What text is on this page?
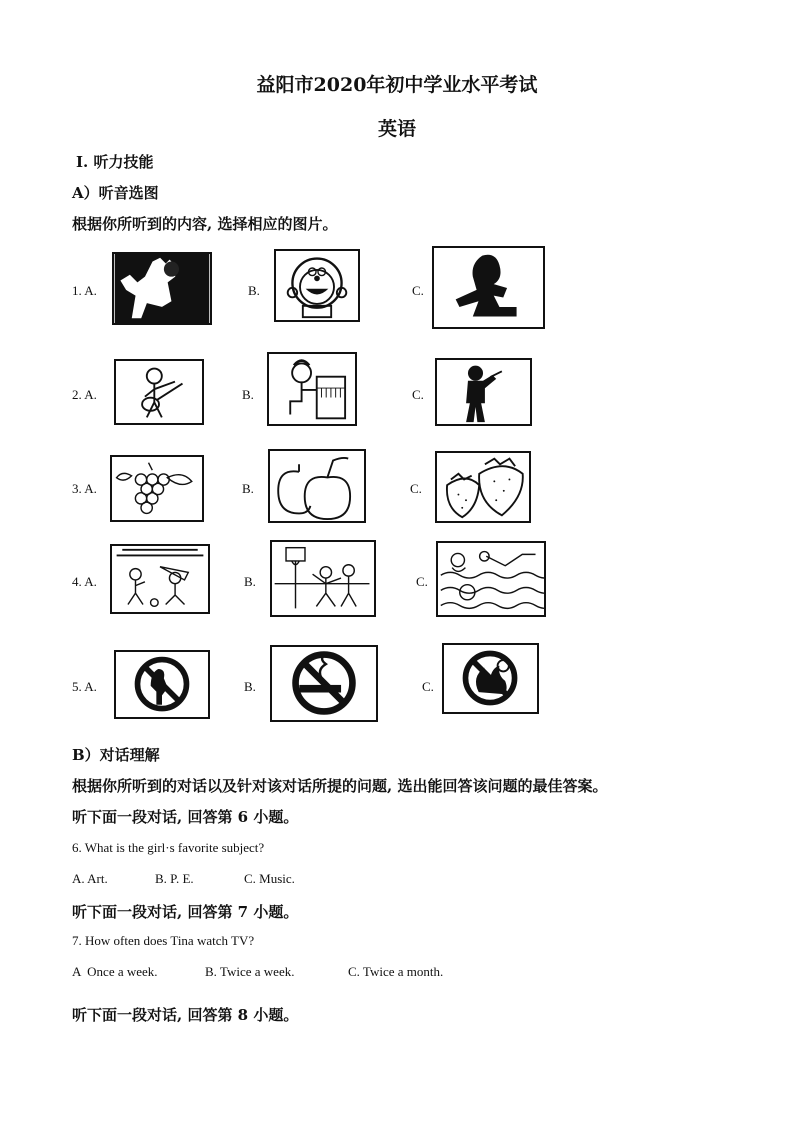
益阳市2020年初中学业水平考试
英语
Ⅰ. 听力技能
A）听音选图
根据你所听到的内容, 选择相应的图片。
1. A.	B.	C.
2. A.	B.	C.
3. A.	B.	C.
4. A.	B.	C.
5. A.	B.	C.
B）对话理解
根据你所听到的对话以及针对该对话所提的问题, 选出能回答该问题的最佳答案。
听下面一段对话, 回答第 6 小题。
6. What is the girl·s favorite subject?
A. Art.	B. P. E.	C. Music.
听下面一段对话, 回答第 7 小题。
7. How often does Tina watch TV?
A  Once a week.	B. Twice a week.	C. Twice a month.
听下面一段对话, 回答第 8 小题。
